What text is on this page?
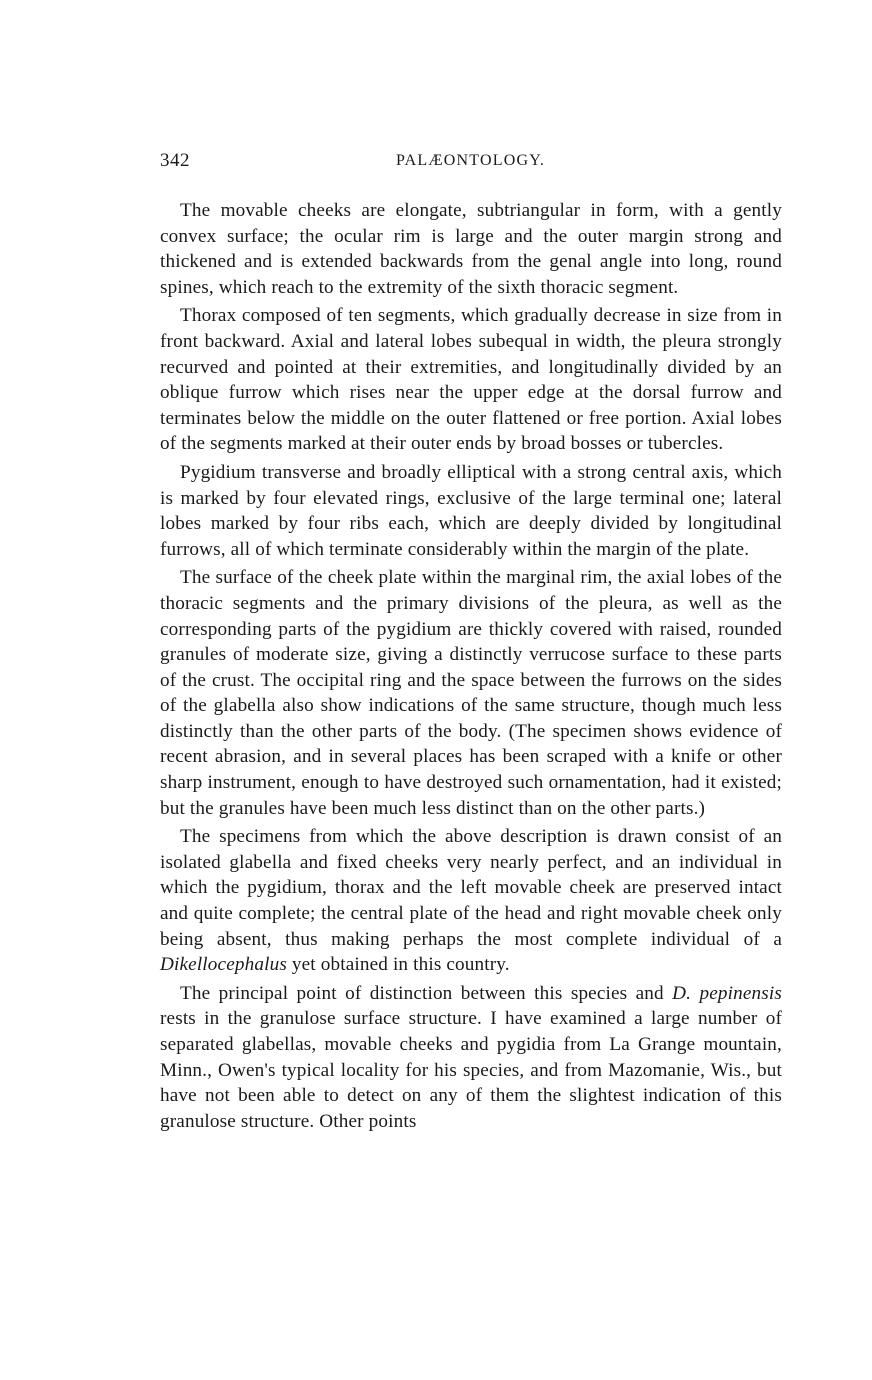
342	PALÆONTOLOGY.

The movable cheeks are elongate, subtriangular in form, with a gently convex surface; the ocular rim is large and the outer margin strong and thickened and is extended backwards from the genal angle into long, round spines, which reach to the extremity of the sixth thoracic segment.

Thorax composed of ten segments, which gradually decrease in size from in front backward. Axial and lateral lobes subequal in width, the pleura strongly recurved and pointed at their extremities, and longitudinally divided by an oblique furrow which rises near the upper edge at the dorsal furrow and terminates below the middle on the outer flattened or free portion. Axial lobes of the segments marked at their outer ends by broad bosses or tubercles.

Pygidium transverse and broadly elliptical with a strong central axis, which is marked by four elevated rings, exclusive of the large terminal one; lateral lobes marked by four ribs each, which are deeply divided by longitudinal furrows, all of which terminate considerably within the margin of the plate.

The surface of the cheek plate within the marginal rim, the axial lobes of the thoracic segments and the primary divisions of the pleura, as well as the corresponding parts of the pygidium are thickly covered with raised, rounded granules of moderate size, giving a distinctly verrucose surface to these parts of the crust. The occipital ring and the space between the furrows on the sides of the glabella also show indications of the same structure, though much less distinctly than the other parts of the body. (The specimen shows evidence of recent abrasion, and in several places has been scraped with a knife or other sharp instrument, enough to have destroyed such ornamentation, had it existed; but the granules have been much less distinct than on the other parts.)

The specimens from which the above description is drawn consist of an isolated glabella and fixed cheeks very nearly perfect, and an individual in which the pygidium, thorax and the left movable cheek are preserved intact and quite complete; the central plate of the head and right movable cheek only being absent, thus making perhaps the most complete individual of a Dikellocephalus yet obtained in this country.

The principal point of distinction between this species and D. pepinensis rests in the granulose surface structure. I have examined a large number of separated glabellas, movable cheeks and pygidia from La Grange mountain, Minn., Owen's typical locality for his species, and from Mazomanie, Wis., but have not been able to detect on any of them the slightest indication of this granulose structure. Other points
